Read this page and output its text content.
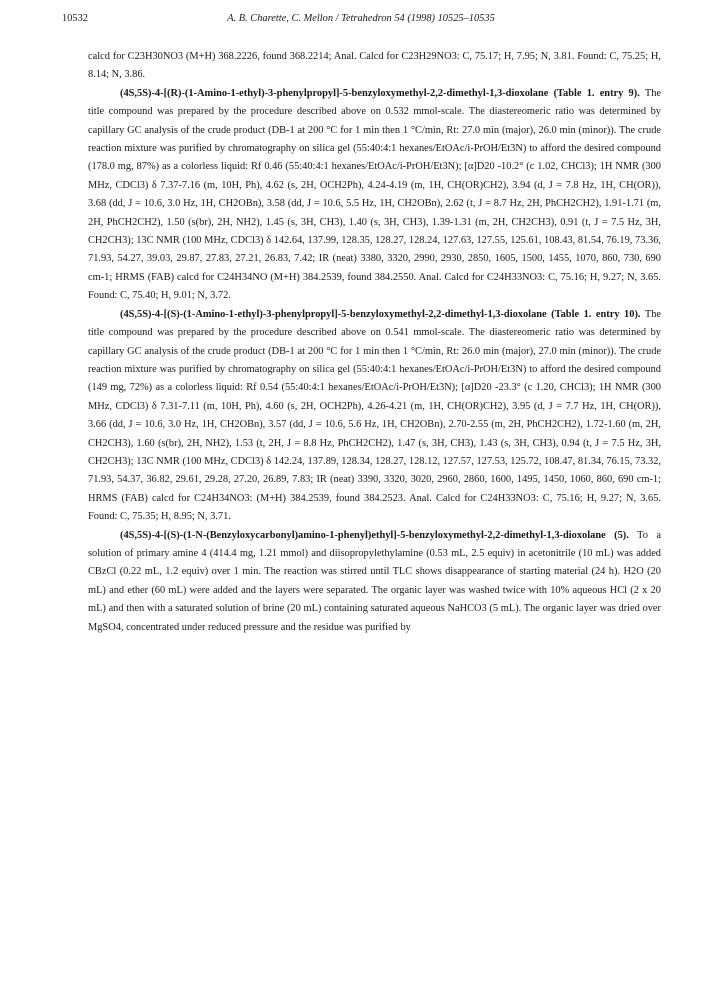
10532	A. B. Charette, C. Mellon / Tetrahedron 54 (1998) 10525–10535

calcd for C23H30NO3 (M+H) 368.2226, found 368.2214; Anal. Calcd for C23H29NO3: C, 75.17; H, 7.95; N, 3.81. Found: C, 75.25; H, 8.14; N, 3.86.

(4S,5S)-4-[(R)-(1-Amino-1-ethyl)-3-phenylpropyl]-5-benzyloxymethyl-2,2-dimethyl-1,3-dioxolane (Table 1. entry 9). The title compound was prepared by the procedure described above on 0.532 mmol-scale. The diastereomeric ratio was determined by capillary GC analysis of the crude product (DB-1 at 200 °C for 1 min then 1 °C/min, Rt: 27.0 min (major), 26.0 min (minor)). The crude reaction mixture was purified by chromatography on silica gel (55:40:4:1 hexanes/EtOAc/i-PrOH/Et3N) to afford the desired compound (178.0 mg, 87%) as a colorless liquid: Rf 0.46 (55:40:4:1 hexanes/EtOAc/i-PrOH/Et3N); [α]D20 -10.2° (c 1.02, CHCl3); 1H NMR (300 MHz, CDCl3) δ 7.37-7.16 (m, 10H, Ph), 4.62 (s, 2H, OCH2Ph), 4.24-4.19 (m, 1H, CH(OR)CH2), 3.94 (d, J = 7.8 Hz, 1H, CH(OR)), 3.68 (dd, J = 10.6, 3.0 Hz, 1H, CH2OBn), 3.58 (dd, J = 10.6, 5.5 Hz, 1H, CH2OBn), 2.62 (t, J = 8.7 Hz, 2H, PhCH2CH2), 1.91-1.71 (m, 2H, PhCH2CH2), 1.50 (s(br), 2H, NH2), 1.45 (s, 3H, CH3), 1.40 (s, 3H, CH3), 1.39-1.31 (m, 2H, CH2CH3), 0.91 (t, J = 7.5 Hz, 3H, CH2CH3); 13C NMR (100 MHz, CDCl3) δ 142.64, 137.99, 128.35, 128.27, 128.24, 127.63, 127.55, 125.61, 108.43, 81.54, 76.19, 73.36, 71.93, 54.27, 39.03, 29.87, 27.83, 27.21, 26.83, 7.42; IR (neat) 3380, 3320, 2990, 2930, 2850, 1605, 1500, 1455, 1070, 860, 730, 690 cm-1; HRMS (FAB) calcd for C24H34NO (M+H) 384.2539, found 384.2550. Anal. Calcd for C24H33NO3: C, 75.16; H, 9.27; N, 3.65. Found: C, 75.40; H, 9.01; N, 3.72.

(4S,5S)-4-[(S)-(1-Amino-1-ethyl)-3-phenylpropyl]-5-benzyloxymethyl-2,2-dimethyl-1,3-dioxolane (Table 1. entry 10). The title compound was prepared by the procedure described above on 0.541 mmol-scale. The diastereomeric ratio was determined by capillary GC analysis of the crude product (DB-1 at 200 °C for 1 min then 1 °C/min, Rt: 26.0 min (major), 27.0 min (minor)). The crude reaction mixture was purified by chromatography on silica gel (55:40:4:1 hexanes/EtOAc/i-PrOH/Et3N) to afford the desired compound (149 mg, 72%) as a colorless liquid: Rf 0.54 (55:40:4:1 hexanes/EtOAc/i-PrOH/Et3N); [α]D20 -23.3° (c 1.20, CHCl3); 1H NMR (300 MHz, CDCl3) δ 7.31-7.11 (m, 10H, Ph), 4.60 (s, 2H, OCH2Ph), 4.26-4.21 (m, 1H, CH(OR)CH2), 3.95 (d, J = 7.7 Hz, 1H, CH(OR)), 3.66 (dd, J = 10.6, 3.0 Hz, 1H, CH2OBn), 3.57 (dd, J = 10.6, 5.6 Hz, 1H, CH2OBn), 2.70-2.55 (m, 2H, PhCH2CH2), 1.72-1.60 (m, 2H, CH2CH3), 1.60 (s(br), 2H, NH2), 1.53 (t, 2H, J = 8.8 Hz, PhCH2CH2), 1.47 (s, 3H, CH3), 1.43 (s, 3H, CH3), 0.94 (t, J = 7.5 Hz, 3H, CH2CH3); 13C NMR (100 MHz, CDCl3) δ 142.24, 137.89, 128.34, 128.27, 128.12, 127.57, 127.53, 125.72, 108.47, 81.34, 76.15, 73.32, 71.93, 54.37, 36.82, 29.61, 29.28, 27.20, 26.89, 7.83; IR (neat) 3390, 3320, 3020, 2960, 2860, 1600, 1495, 1450, 1060, 860, 690 cm-1; HRMS (FAB) calcd for C24H34NO3: (M+H) 384.2539, found 384.2523. Anal. Calcd for C24H33NO3: C, 75.16; H, 9.27; N, 3.65. Found: C, 75.35; H, 8.95; N, 3.71.

(4S,5S)-4-[(S)-(1-N-(Benzyloxycarbonyl)amino-1-phenyl)ethyl]-5-benzyloxymethyl-2,2-dimethyl-1,3-dioxolane (5). To a solution of primary amine 4 (414.4 mg, 1.21 mmol) and diisopropylethylamine (0.53 mL, 2.5 equiv) in acetonitrile (10 mL) was added CBzCl (0.22 mL, 1.2 equiv) over 1 min. The reaction was stirred until TLC shows disappearance of starting material (24 h). H2O (20 mL) and ether (60 mL) were added and the layers were separated. The organic layer was washed twice with 10% aqueous HCl (2 x 20 mL) and then with a saturated solution of brine (20 mL) containing saturated aqueous NaHCO3 (5 mL). The organic layer was dried over MgSO4, concentrated under reduced pressure and the residue was purified by
